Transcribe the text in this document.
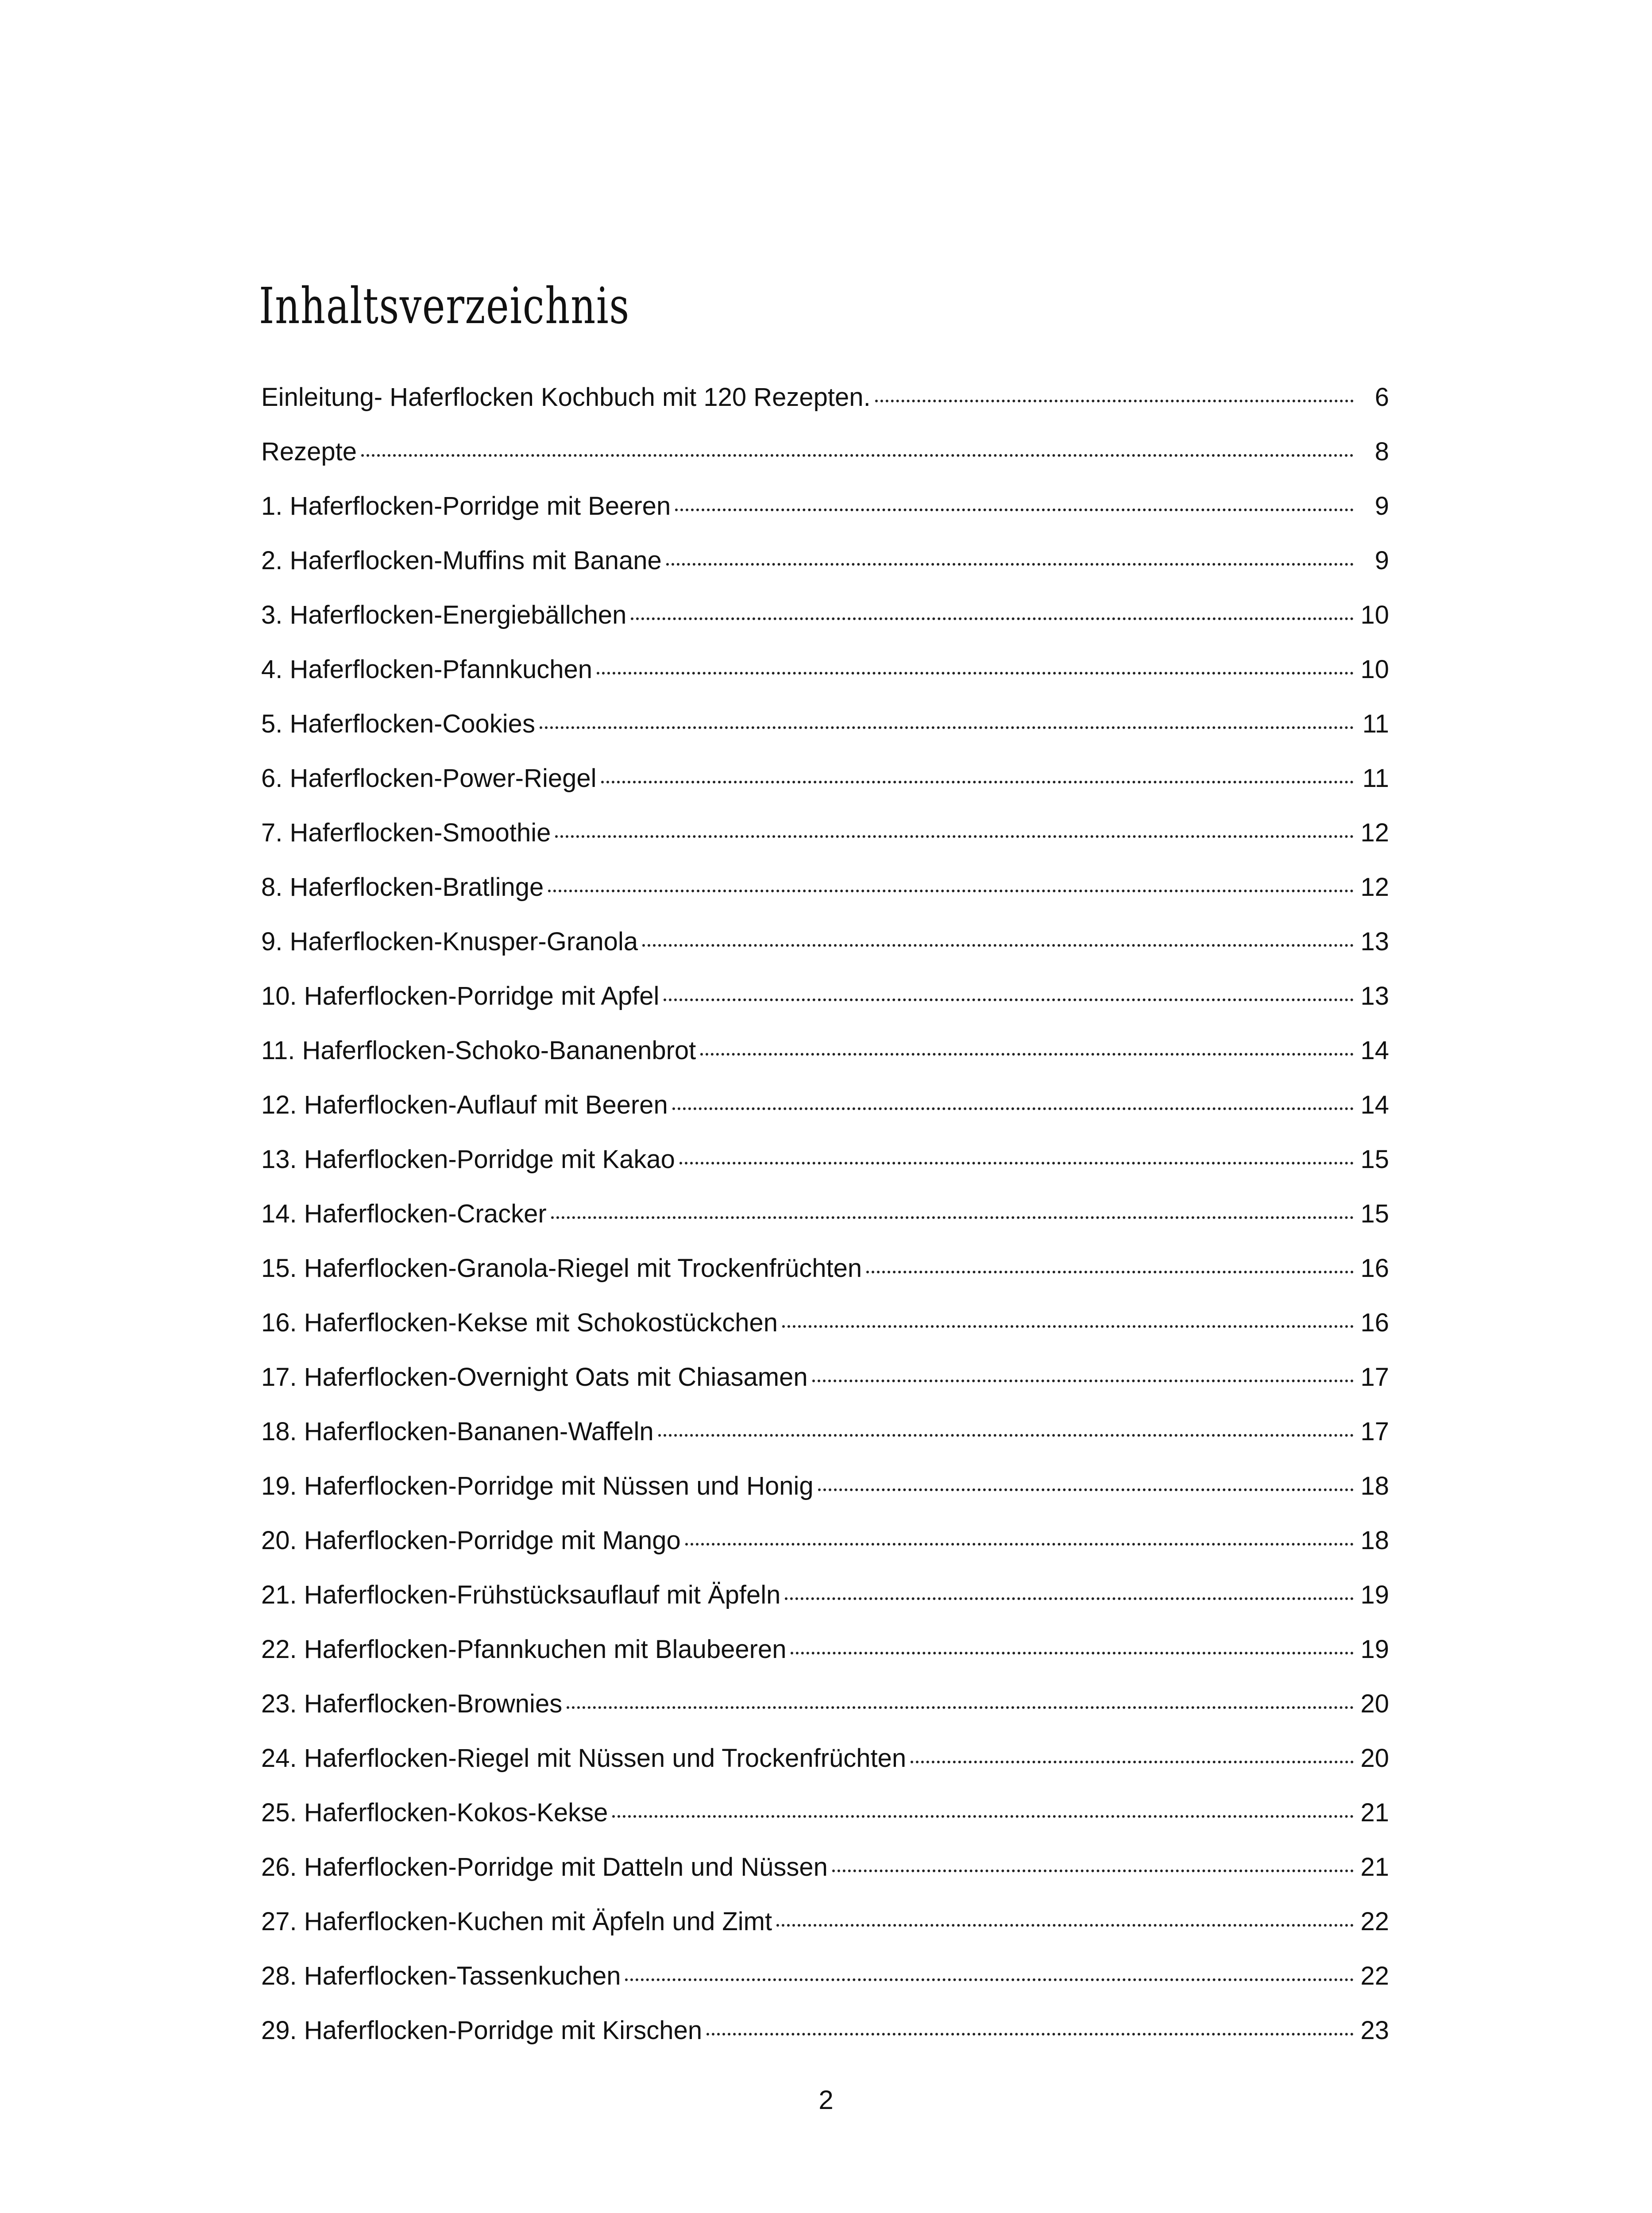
Inhaltsverzeichnis
Einleitung- Haferflocken Kochbuch mit 120 Rezepten.	6
Rezepte	8
1. Haferflocken-Porridge mit Beeren	9
2. Haferflocken-Muffins mit Banane	9
3. Haferflocken-Energiebällchen	10
4. Haferflocken-Pfannkuchen	10
5. Haferflocken-Cookies	11
6. Haferflocken-Power-Riegel	11
7. Haferflocken-Smoothie	12
8. Haferflocken-Bratlinge	12
9. Haferflocken-Knusper-Granola	13
10. Haferflocken-Porridge mit Apfel	13
11. Haferflocken-Schoko-Bananenbrot	14
12. Haferflocken-Auflauf mit Beeren	14
13. Haferflocken-Porridge mit Kakao	15
14. Haferflocken-Cracker	15
15. Haferflocken-Granola-Riegel mit Trockenfrüchten	16
16. Haferflocken-Kekse mit Schokostückchen	16
17. Haferflocken-Overnight Oats mit Chiasamen	17
18. Haferflocken-Bananen-Waffeln	17
19. Haferflocken-Porridge mit Nüssen und Honig	18
20. Haferflocken-Porridge mit Mango	18
21. Haferflocken-Frühstücksauflauf mit Äpfeln	19
22. Haferflocken-Pfannkuchen mit Blaubeeren	19
23. Haferflocken-Brownies	20
24. Haferflocken-Riegel mit Nüssen und Trockenfrüchten	20
25. Haferflocken-Kokos-Kekse	21
26. Haferflocken-Porridge mit Datteln und Nüssen	21
27. Haferflocken-Kuchen mit Äpfeln und Zimt	22
28. Haferflocken-Tassenkuchen	22
29. Haferflocken-Porridge mit Kirschen	23
2
